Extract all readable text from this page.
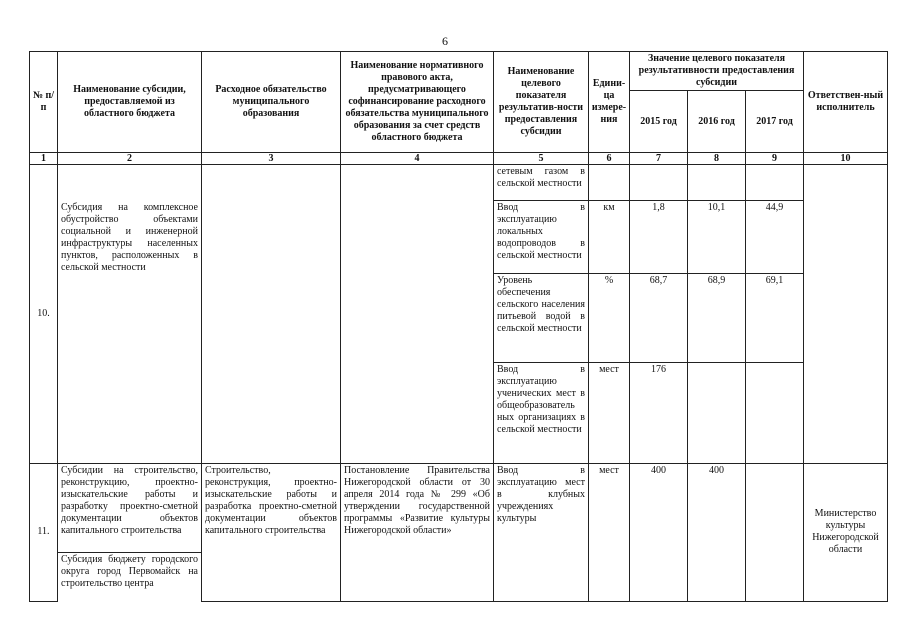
6
№ п/п	Наименование субсидии, предоставляемой из областного бюджета	Расходное обязательство муниципального образования	Наименование нормативного правового акта, предусматривающего софинансирование расходного обязательства муниципального образования за счет средств областного бюджета	Наименование целевого показателя результатив-ности предоставления субсидии	Едини-ца измере-ния	Значение целевого показателя результативности предоставления субсидии			Ответствен-ный исполнитель
						2015 год	2016 год	2017 год	
1	2	3	4	5	6	7	8	9	10
10.				сетевым газом в сельской местности					
	Субсидия на комплексное обустройство объектами социальной и инженерной инфраструктуры населенных пунктов, расположенных в сельской местности			Ввод в эксплуатацию локальных водопроводов в сельской местности	км	1,8	10,1	44,9	
				Уровень обеспечения сельского населения питьевой водой в сельской местности	%	68,7	68,9	69,1	
				Ввод в эксплуатацию ученических мест в общеобразователь ных организациях в сельской местности	мест	176			
11.	Субсидии на строительство, реконструкцию, проектно-изыскательские работы и разработку проектно-сметной документации объектов капитального строительства	Строительство, реконструкция, проектно-изыскательские работы и разработка проектно-сметной документации объектов капитального строительства	Постановление Правительства Нижегородской области от 30 апреля 2014 года № 299 «Об утверждении государственной программы «Развитие культуры Нижегородской области»	Ввод в эксплуатацию мест в клубных учреждениях культуры	мест	400	400		Министерство культуры Нижегородской области

	Субсидия бюджету городского округа город Первомайск на строительство центра								
